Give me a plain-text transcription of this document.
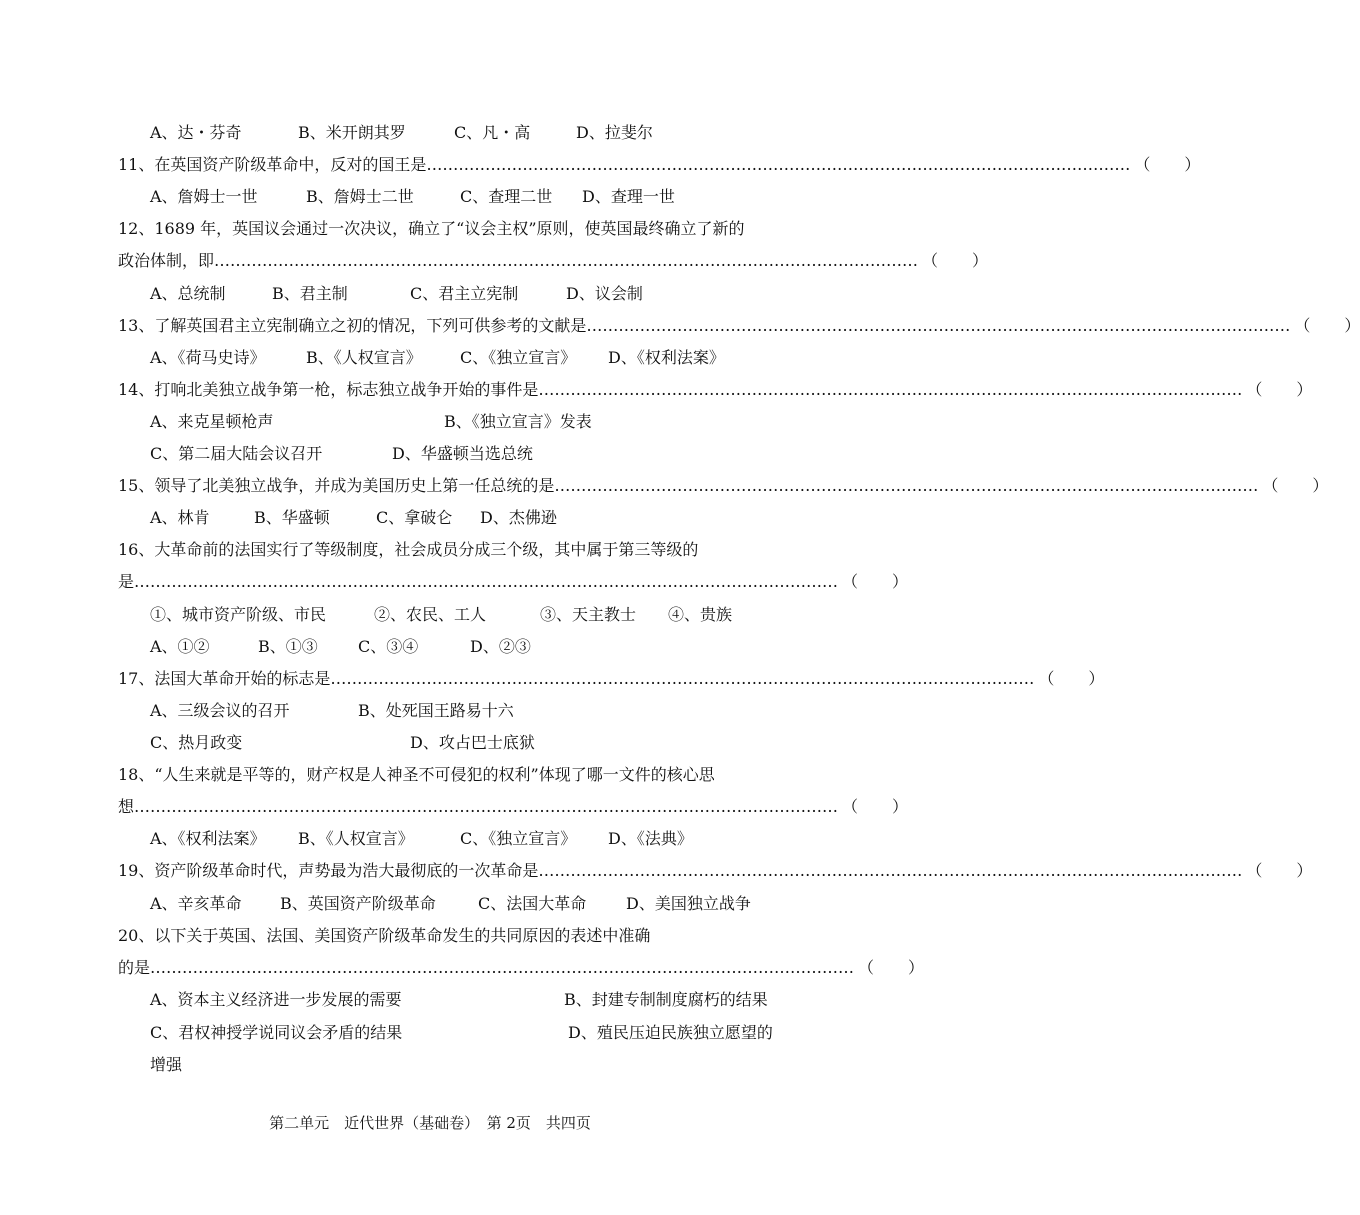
A、达・芬奇	B、米开朗其罗	C、凡・高	D、拉斐尔
11、在英国资产阶级革命中，反对的国王是 …………………………………………………………………………………………………………………… （ ）
A、詹姆士一世	B、詹姆士二世	C、查理二世 D、查理一世
12、1689 年，英国议会通过一次决议，确立了“议会主权”原则，使英国最终确立了新的
政治体制，即 …………………………………………………………………………………………………………………… （ ）
A、总统制	B、君主制	C、君主立宪制	D、议会制
13、了解英国君主立宪制确立之初的情况，下列可供参考的文献是 …………………………………………………………………………………………………………………… （ ）
A、《荷马史诗》	B、《人权宣言》 C、《独立宣言》 D、《权利法案》
14、打响北美独立战争第一枪，标志独立战争开始的事件是 …………………………………………………………………………………………………………………… （ ）
A、来克星顿枪声	B、《独立宣言》发表
C、第二届大陆会议召开	D、华盛顿当选总统
15、领导了北美独立战争，并成为美国历史上第一任总统的是 …………………………………………………………………………………………………………………… （ ）
A、林肯	B、华盛顿	C、拿破仑 D、杰佛逊
16、大革命前的法国实行了等级制度，社会成员分成三个级，其中属于第三等级的
是 …………………………………………………………………………………………………………………… （ ）
①、城市资产阶级、市民	②、农民、工人	③、天主教士 ④、贵族
A、①②	B、①③	C、③④	D、②③
17、法国大革命开始的标志是 …………………………………………………………………………………………………………………… （ ）
A、三级会议的召开	B、处死国王路易十六
C、热月政变	D、攻占巴士底狱
18、“人生来就是平等的，财产权是人神圣不可侵犯的权利”体现了哪一文件的核心思
想 …………………………………………………………………………………………………………………… （ ）
A、《权利法案》 B、《人权宣言》	C、《独立宣言》 D、《法典》
19、资产阶级革命时代，声势最为浩大最彻底的一次革命是 …………………………………………………………………………………………………………………… （ ）
A、辛亥革命 B、英国资产阶级革命	C、法国大革命 D、美国独立战争
20、以下关于英国、法国、美国资产阶级革命发生的共同原因的表述中准确
的是 …………………………………………………………………………………………………………………… （ ）
A、资本主义经济进一步发展的需要	B、封建专制制度腐朽的结果
C、君权神授学说同议会矛盾的结果	D、殖民压迫民族独立愿望的
增强
第二单元　近代世界（基础卷）　第 2页　共四页
